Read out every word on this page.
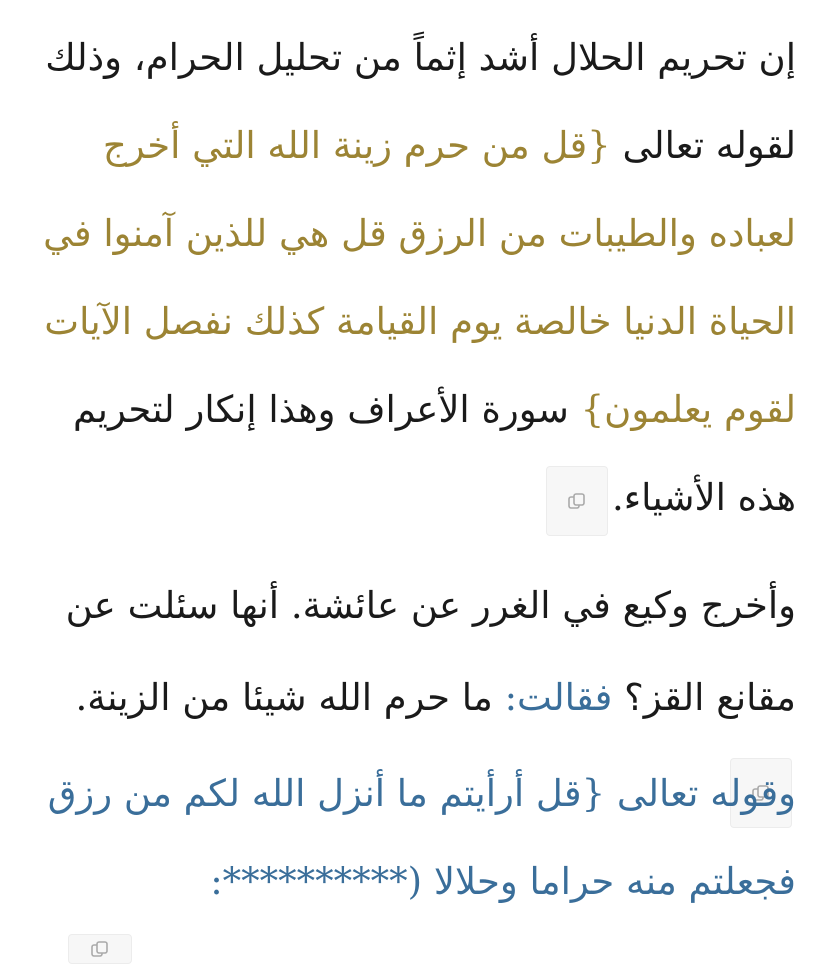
إن تحريم الحلال أشد إثماً من تحليل الحرام، وذلك لقوله تعالى {قل من حرم زينة الله التي أخرج لعباده والطيبات من الرزق قل هي للذين آمنوا في الحياة الدنيا خالصة يوم القيامة كذلك نفصل الآيات لقوم يعلمون} سورة الأعراف وهذا إنكار لتحريم هذه الأشياء.

وأخرج وكيع في الغرر عن عائشة. أنها سئلت عن مقانع القز؟ فقالت: ما حرم الله شيئا من الزينة.

وقوله تعالى {قل أرأيتم ما أنزل الله لكم من رزق فجعلتم منه حراما وحلالا (**********:
